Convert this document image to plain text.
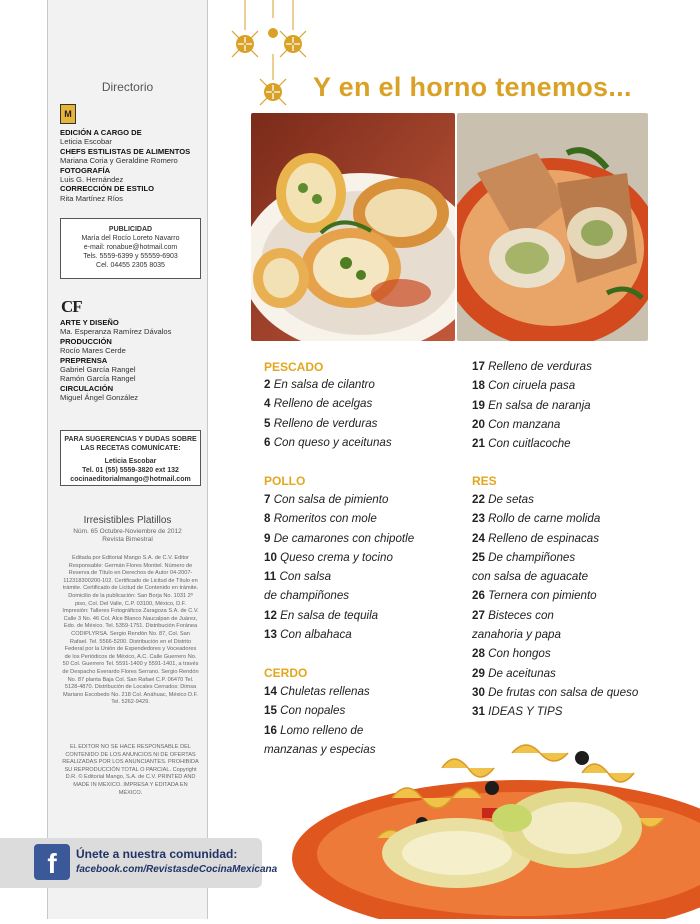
Directorio
M
EDICIÓN A CARGO DE
Leticia Escobar
CHEFS ESTILISTAS DE ALIMENTOS
Mariana Coria y Geraldine Romero
FOTOGRAFÍA
Luis G. Hernández
CORRECCIÓN DE ESTILO
Rita Martínez Ríos
PUBLICIDAD
María del Rocío Loreto Navarro
e-mail: ronabue@hotmail.com
Tels. 5559-6399 y 55559-6903
Cel. 04455 2305 8035
CF
ARTE Y DISEÑO
Ma. Esperanza Ramírez Dávalos
PRODUCCIÓN
Rocío Mares Cerde
PREPRENSA
Gabriel García Rangel
Ramón García Rangel
CIRCULACIÓN
Miguel Ángel González
PARA SUGERENCIAS Y DUDAS SOBRE
LAS RECETAS COMUNÍCATE:
Leticia Escobar
Tel. 01 (55) 5559-3820 ext 132
cocinaeditorialmango@hotmail.com
Irresistibles Platillos
Núm. 65 Octubre-Noviembre de 2012
Revista Bimestral
Editada por Editorial Mango S.A. de C.V. Editor Responsable: Germán Flores Montiel. Número de Reserva de Título en Derechos de Autor 04-2007-112318300200-102. Certificado de Licitud de Título en trámite. Certificado de Licitud de Contenido en trámite. Domicilio de la publicación: San Borja No. 1031 2º piso, Col. Del Valle, C.P. 03100, México, D.F. Impresión: Talleres Fotográficos Zaragoza S.A. de C.V. Calle 3 No. 46 Col. Alce Blanco Naucalpan de Juárez, Edo. de México. Tel. 5359-1751. Distribución Foránea CODIPLYRSA. Sergio Rendón No. 87, Col. San Rafael. Tel. 5566-5200. Distribución en el Distrito Federal por la Unión de Expendedores y Voceadores de los Periódicos de México, A.C. Calle Guerrero No. 50 Col. Guerrero Tel. 5591-1400 y 5591-1401, a través de Despacho Everardo Flores Serrano. Sergio Rendón No. 87 planta Baja Col. San Rafael C.P. 06470 Tel. 5128-4870. Distribución de Locales Cerrados: Dimsa Mariano Escobedo No. 218 Col. Anáhuac, México D.F. Tel. 5262-9429.
EL EDITOR NO SE HACE RESPONSABLE DEL CONTENIDO DE LOS ANUNCIOS NI DE OFERTAS REALIZADAS POR LOS ANUNCIANTES. PROHIBIDA SU REPRODUCCIÓN TOTAL O PARCIAL. Copyright D.R. © Editorial Mango, S.A. de C.V. PRINTED AND MADE IN MEXICO. IMPRESA Y EDITADA EN MÉXICO.
f	Únete a nuestra comunidad:
facebook.com/RevistasdeCocinaMexicana
Y en el horno tenemos...
PESCADO
2 En salsa de cilantro
4 Relleno de acelgas
5 Relleno de verduras
6 Con queso y aceitunas
POLLO
7 Con salsa de pimiento
8 Romeritos con mole
9 De camarones con chipotle
10 Queso crema y tocino
11 Con salsa
de champiñones
12 En salsa de tequila
13 Con albahaca
CERDO
14 Chuletas rellenas
15 Con nopales
16 Lomo relleno de
manzanas y especias
17 Relleno de verduras
18 Con ciruela pasa
19 En salsa de naranja
20 Con manzana
21 Con cuitlacoche
RES
22 De setas
23 Rollo de carne molida
24 Relleno de espinacas
25 De champiñones
con salsa de aguacate
26 Ternera con pimiento
27 Bisteces con
zanahoria y papa
28 Con hongos
29 De aceitunas
30 De frutas con salsa de queso
31 IDEAS Y TIPS
